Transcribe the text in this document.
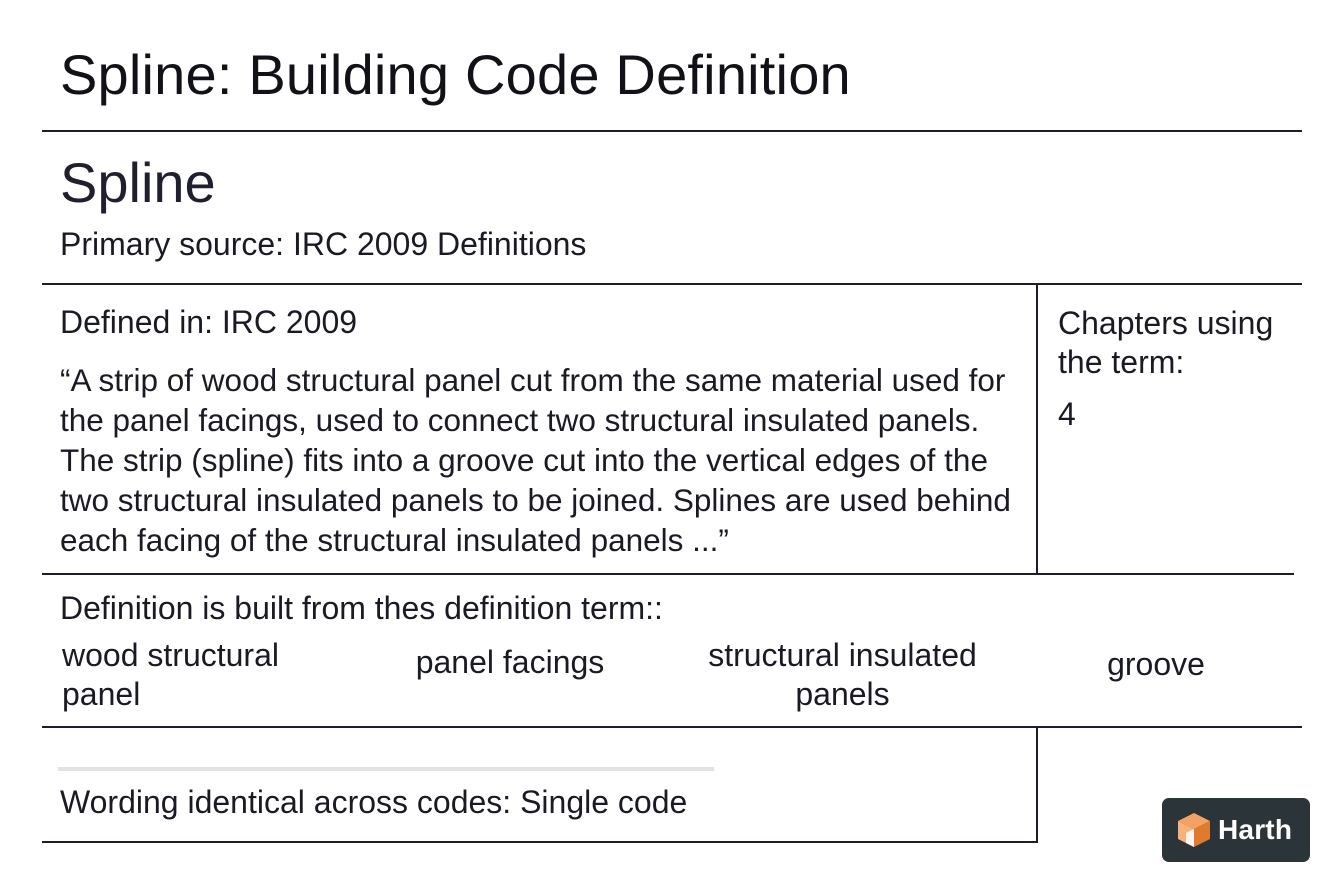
Spline: Building Code Definition
Spline
Primary source: IRC 2009 Definitions
Defined in: IRC 2009
“A strip of wood structural panel cut from the same material used for the panel facings, used to connect two structural insulated panels. The strip (spline) fits into a groove cut into the vertical edges of the two structural insulated panels to be joined. Splines are used behind each facing of the structural insulated panels ...”
Chapters using the term:
4
Definition is built from thes definition term::
wood structural panel
panel facings	structural insulated panels
groove
Wording identical across codes: Single code
Harth
